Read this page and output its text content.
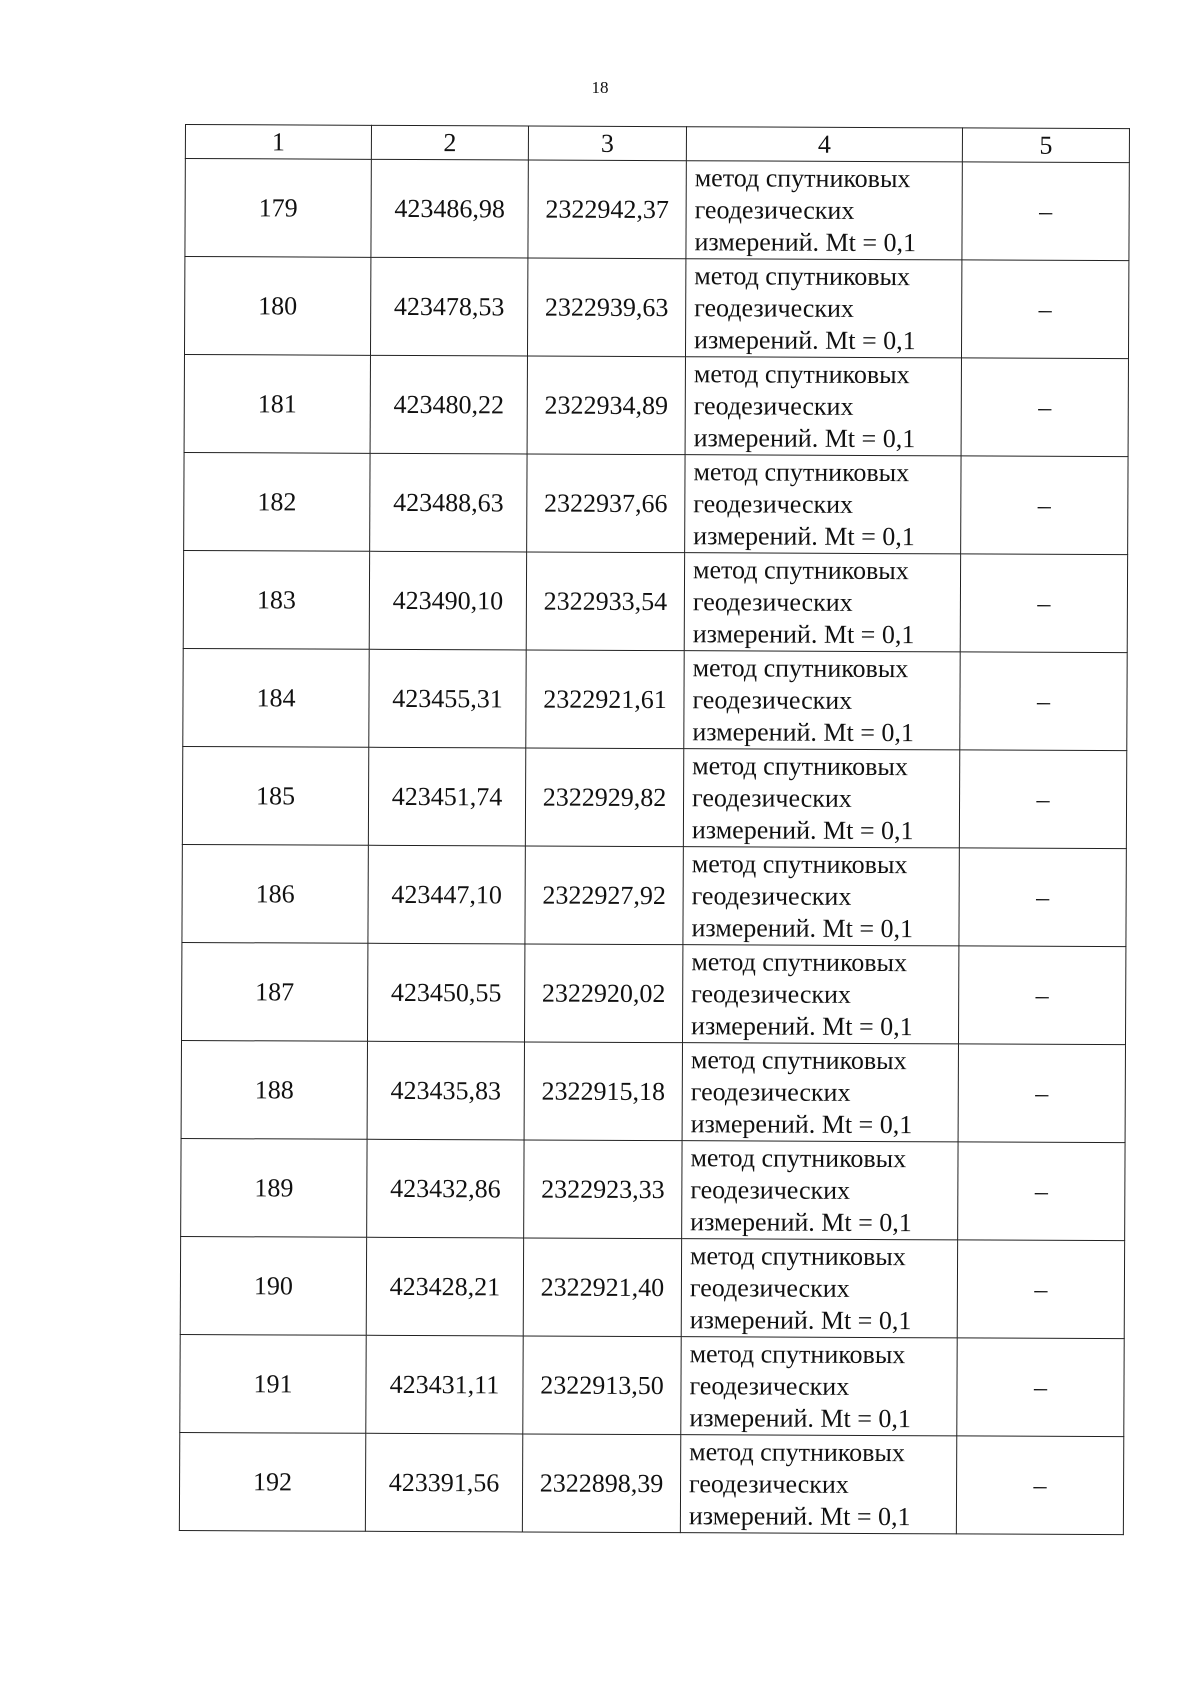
18
1	2	3	4	5
179	423486,98	2322942,37	метод спутниковых
геодезических
измерений. Mt = 0,1	–
180	423478,53	2322939,63	метод спутниковых
геодезических
измерений. Mt = 0,1	–
181	423480,22	2322934,89	метод спутниковых
геодезических
измерений. Mt = 0,1	–
182	423488,63	2322937,66	метод спутниковых
геодезических
измерений. Mt = 0,1	–
183	423490,10	2322933,54	метод спутниковых
геодезических
измерений. Mt = 0,1	–
184	423455,31	2322921,61	метод спутниковых
геодезических
измерений. Mt = 0,1	–
185	423451,74	2322929,82	метод спутниковых
геодезических
измерений. Mt = 0,1	–
186	423447,10	2322927,92	метод спутниковых
геодезических
измерений. Mt = 0,1	–
187	423450,55	2322920,02	метод спутниковых
геодезических
измерений. Mt = 0,1	–
188	423435,83	2322915,18	метод спутниковых
геодезических
измерений. Mt = 0,1	–
189	423432,86	2322923,33	метод спутниковых
геодезических
измерений. Mt = 0,1	–
190	423428,21	2322921,40	метод спутниковых
геодезических
измерений. Mt = 0,1	–
191	423431,11	2322913,50	метод спутниковых
геодезических
измерений. Mt = 0,1	–
192	423391,56	2322898,39	метод спутниковых
геодезических
измерений. Mt = 0,1	–
